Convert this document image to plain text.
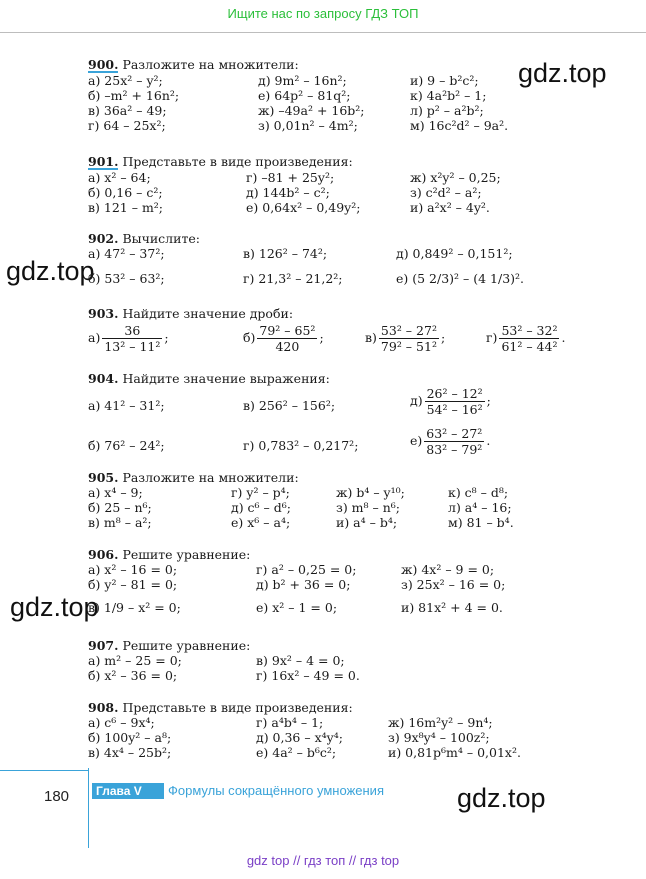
Ищите нас по запросу ГДЗ ТОП
gdz.top
gdz.top
gdz.top
gdz.top
900. Разложите на множители:
а) 25x² – y²;	д) 9m² – 16n²;	и) 9 – b²c²;
б) –m² + 16n²;	е) 64p² – 81q²;	к) 4a²b² – 1;
в) 36a² – 49;	ж) –49a² + 16b²;	л) p² – a²b²;
г) 64 – 25x²;	з) 0,01n² – 4m²;	м) 16c²d² – 9a².
901. Представьте в виде произведения:
а) x² – 64;	г) –81 + 25y²;	ж) x²y² – 0,25;
б) 0,16 – c²;	д) 144b² – c²;	з) c²d² – a²;
в) 121 – m²;	е) 0,64x² – 0,49y²;	и) a²x² – 4y².
902. Вычислите:
а) 47² – 37²;	в) 126² – 74²;	д) 0,849² – 0,151²;
б) 53² – 63²;	г) 21,3² – 21,2²;	е) (5 2/3)² – (4 1/3)².
903. Найдите значение дроби:
$а) \frac{36}{\text{13² – 11²}}$ ;	$б) \frac{\text{79² – 65²}}{420}$ ;	$в) \frac{\text{53² – 27²}}{\text{79² – 51²}}$ ;	$г) \frac{\text{53² – 32²}}{\text{61² – 44²}}$ .
904. Найдите значение выражения:
а) 41² – 31²;	в) 256² – 156²;	$д) \frac{\text{26² – 12²}}{\text{54² – 16²}}$ ;
б) 76² – 24²;	г) 0,783² – 0,217²;	$е) \frac{\text{63² – 27²}}{\text{83² – 79²}}$ .
905. Разложите на множители:
а) x⁴ – 9;	г) y² – p⁴;	ж) b⁴ – y¹⁰;	к) c⁸ – d⁸;
б) 25 – n⁶;	д) c⁶ – d⁶;	з) m⁸ – n⁶;	л) a⁴ – 16;
в) m⁸ – a²;	е) x⁶ – a⁴;	и) a⁴ – b⁴;	м) 81 – b⁴.
906. Решите уравнение:
а) x² – 16 = 0;	г) a² – 0,25 = 0;	ж) 4x² – 9 = 0;
б) y² – 81 = 0;	д) b² + 36 = 0;	з) 25x² – 16 = 0;
в) 1/9 – x² = 0;	е) x² – 1 = 0;	и) 81x² + 4 = 0.
907. Решите уравнение:
а) m² – 25 = 0;	в) 9x² – 4 = 0;
б) x² – 36 = 0;	г) 16x² – 49 = 0.
908. Представьте в виде произведения:
а) c⁶ – 9x⁴;	г) a⁴b⁴ – 1;	ж) 16m²y² – 9n⁴;
б) 100y² – a⁸;	д) 0,36 – x⁴y⁴;	з) 9x⁸y⁴ – 100z²;
в) 4x⁴ – 25b²;	е) 4a² – b⁶c²;	и) 0,81p⁶m⁴ – 0,01x².
180	Глава V	Формулы сокращённого умножения
gdz top // гдз топ // гдз top
